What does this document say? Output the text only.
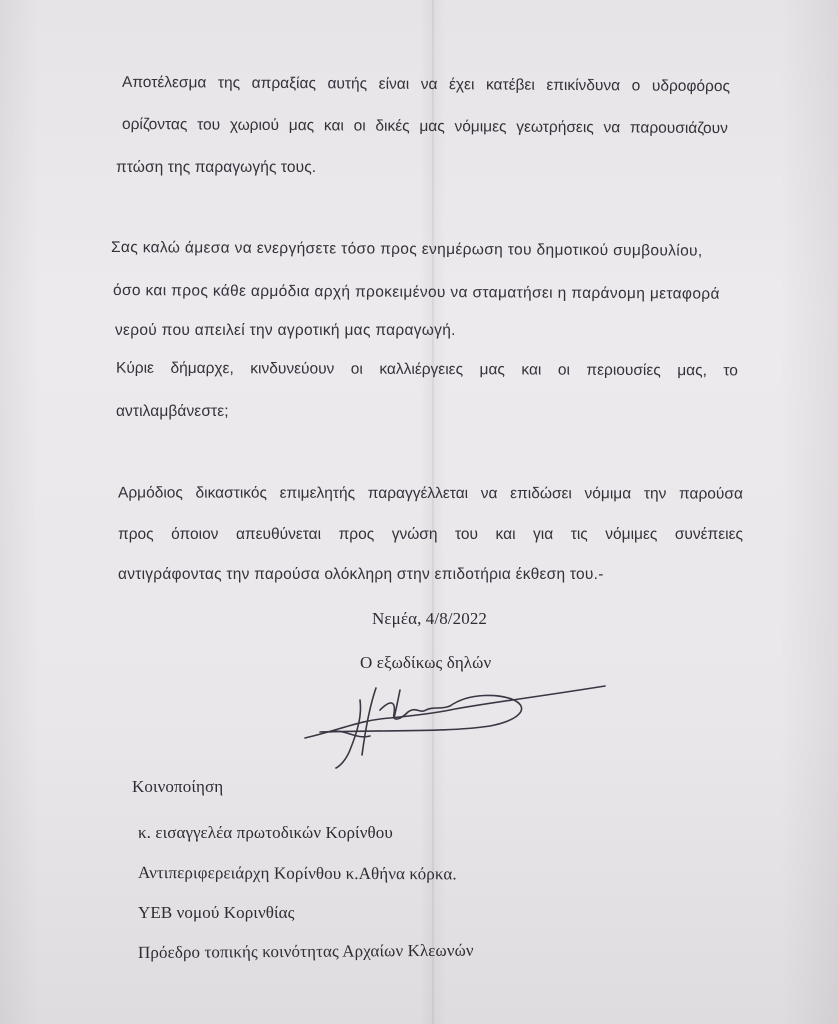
Αποτέλεσμα της απραξίας αυτής είναι να έχει κατέβει επικίνδυνα ο υδροφόρος
ορίζοντας του χωριού μας και οι δικές μας νόμιμες γεωτρήσεις να παρουσιάζουν
πτώση της παραγωγής τους.
Σας καλώ άμεσα να ενεργήσετε τόσο προς ενημέρωση του δημοτικού συμβουλίου,
όσο και προς κάθε αρμόδια αρχή προκειμένου να σταματήσει η παράνομη μεταφορά
νερού που απειλεί την αγροτική μας παραγωγή.
Κύριε δήμαρχε, κινδυνεύουν οι καλλιέργειες μας και οι περιουσίες μας, το
αντιλαμβάνεστε;
Αρμόδιος δικαστικός επιμελητής παραγγέλλεται να επιδώσει νόμιμα την παρούσα
προς όποιον απευθύνεται προς γνώση του και για τις νόμιμες συνέπειες
αντιγράφοντας την παρούσα ολόκληρη στην επιδοτήρια έκθεση του.-
Νεμέα, 4/8/2022
Ο εξωδίκως δηλών
Κοινοποίηση
κ. εισαγγελέα πρωτοδικών Κορίνθου
Αντιπεριφερειάρχη Κορίνθου κ.Αθήνα κόρκα.
ΥΕΒ νομού Κορινθίας
Πρόεδρο τοπικής κοινότητας Αρχαίων Κλεωνών
